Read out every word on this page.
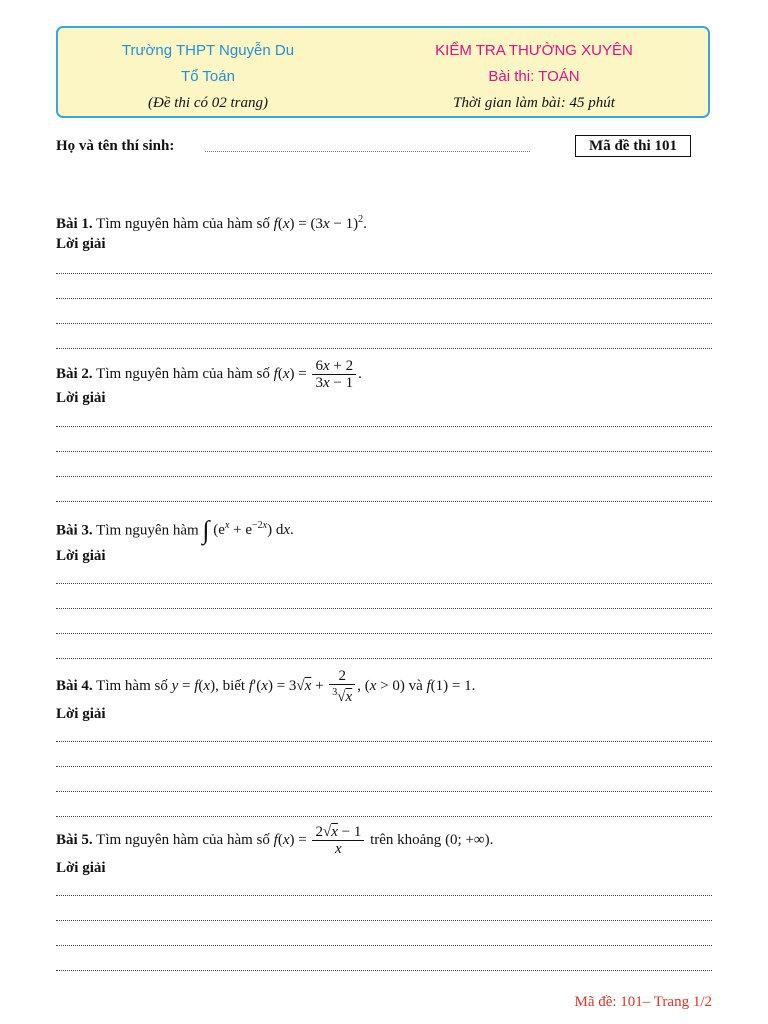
Trường THPT Nguyễn Du
Tổ Toán
(Đề thi có 02 trang)
KIỂM TRA THƯỜNG XUYÊN
Bài thi: TOÁN
Thời gian làm bài: 45 phút
Họ và tên thí sinh:	Mã đề thi 101
Bài 1. Tìm nguyên hàm của hàm số $f(x) = (3x - 1)^2$.
Lời giải
Bài 2. Tìm nguyên hàm của hàm số $f(x) = \frac{6x + 2}{3x - 1}$ .
Lời giải
Bài 3. Tìm nguyên hàm ∫ $(e^x + e^{-2x})$ dx.
Lời giải
Bài 4. Tìm hàm số y = f(x), biết $f'(x) = 3√x + \frac{2}{^3√x}$ , (x > 0) và f(1) = 1.
Lời giải
Bài 5. Tìm nguyên hàm của hàm số $f(x) = \frac{2√x - 1}{x}$ trên khoảng (0; +∞).
Lời giải
Mã đề: 101– Trang 1/2
